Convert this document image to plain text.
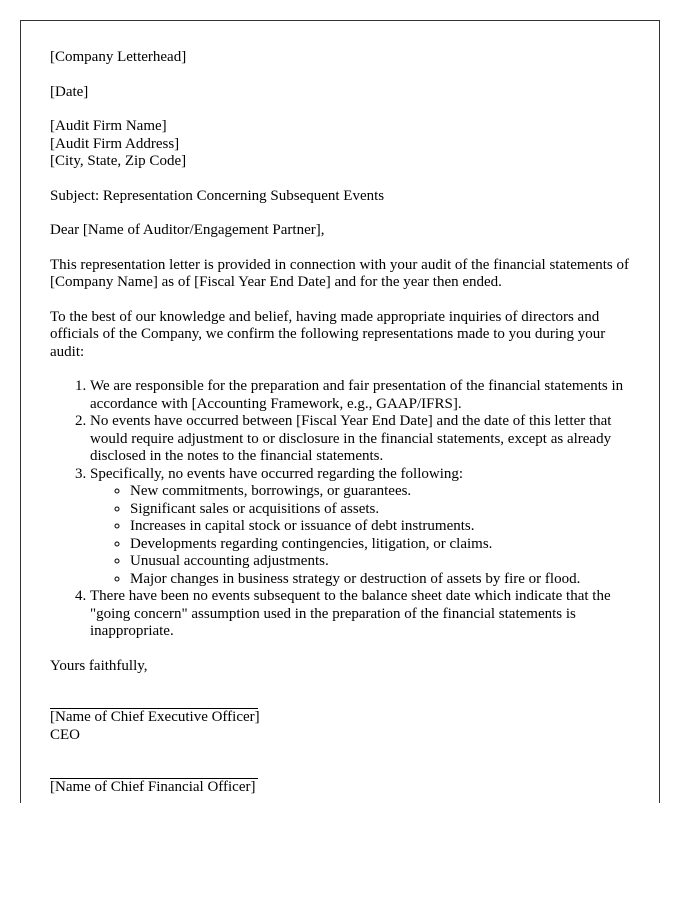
[Company Letterhead]

[Date]

[Audit Firm Name]
[Audit Firm Address]
[City, State, Zip Code]

Subject: Representation Concerning Subsequent Events

Dear [Name of Auditor/Engagement Partner],

This representation letter is provided in connection with your audit of the financial statements of [Company Name] as of [Fiscal Year End Date] and for the year then ended.

To the best of our knowledge and belief, having made appropriate inquiries of directors and officials of the Company, we confirm the following representations made to you during your audit:

1. We are responsible for the preparation and fair presentation of the financial statements in accordance with [Accounting Framework, e.g., GAAP/IFRS].
2. No events have occurred between [Fiscal Year End Date] and the date of this letter that would require adjustment to or disclosure in the financial statements, except as already disclosed in the notes to the financial statements.
3. Specifically, no events have occurred regarding the following:
◦ New commitments, borrowings, or guarantees.
◦ Significant sales or acquisitions of assets.
◦ Increases in capital stock or issuance of debt instruments.
◦ Developments regarding contingencies, litigation, or claims.
◦ Unusual accounting adjustments.
◦ Major changes in business strategy or destruction of assets by fire or flood.
4. There have been no events subsequent to the balance sheet date which indicate that the "going concern" assumption used in the preparation of the financial statements is inappropriate.

Yours faithfully,

[Name of Chief Executive Officer]
CEO
[Name of Chief Financial Officer]
